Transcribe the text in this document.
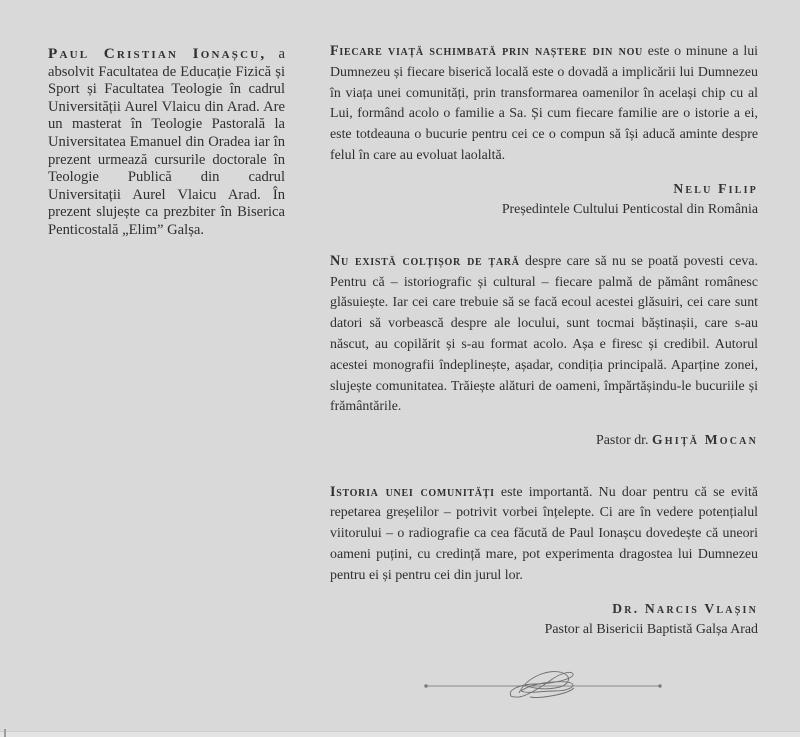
Paul Cristian Ionașcu, a absolvit Facultatea de Educație Fizică și Sport și Facultatea Teologie în cadrul Universității Aurel Vlaicu din Arad. Are un masterat în Teologie Pastorală la Universitatea Emanuel din Oradea iar în prezent urmează cursurile doctorale în Teologie Publică din cadrul Universitații Aurel Vlaicu Arad. În prezent slujește ca prezbiter în Biserica Penticostală „Elim” Galșa.

Fiecare viață schimbată prin naștere din nou este o minune a lui Dumnezeu și fiecare biserică locală este o dovadă a implicării lui Dumnezeu în viața unei comunități, prin transformarea oamenilor în același chip cu al Lui, formând acolo o familie a Sa. Și cum fiecare familie are o istorie a ei, este totdeauna o bucurie pentru cei ce o compun să își aducă aminte despre felul în care au evoluat laolaltă.

Nelu Filip
Președintele Cultului Penticostal din România

Nu există colțișor de țară despre care să nu se poată povesti ceva. Pentru că – istoriografic și cultural – fiecare palmă de pământ românesc glăsuiește. Iar cei care trebuie să se facă ecoul acestei glăsuiri, cei care sunt datori să vorbească despre ale locului, sunt tocmai băștinașii, care s-au născut, au copilărit și s-au format acolo. Așa e firesc și credibil. Autorul acestei monografii îndeplinește, așadar, condiția principală. Aparține zonei, slujește comunitatea. Trăiește alături de oameni, împărtășindu-le bucuriile și frământările.

Pastor dr. Ghiță Mocan

Istoria unei comunități este importantă. Nu doar pentru că se evită repetarea greșelilor – potrivit vorbei înțelepte. Ci are în vedere potențialul viitorului – o radiografie ca cea făcută de Paul Ionașcu dovedește că uneori oameni puțini, cu credință mare, pot experimenta dragostea lui Dumnezeu pentru ei și pentru cei din jurul lor.

Dr. Narcis Vlașin
Pastor al Bisericii Baptistă Galșa Arad
